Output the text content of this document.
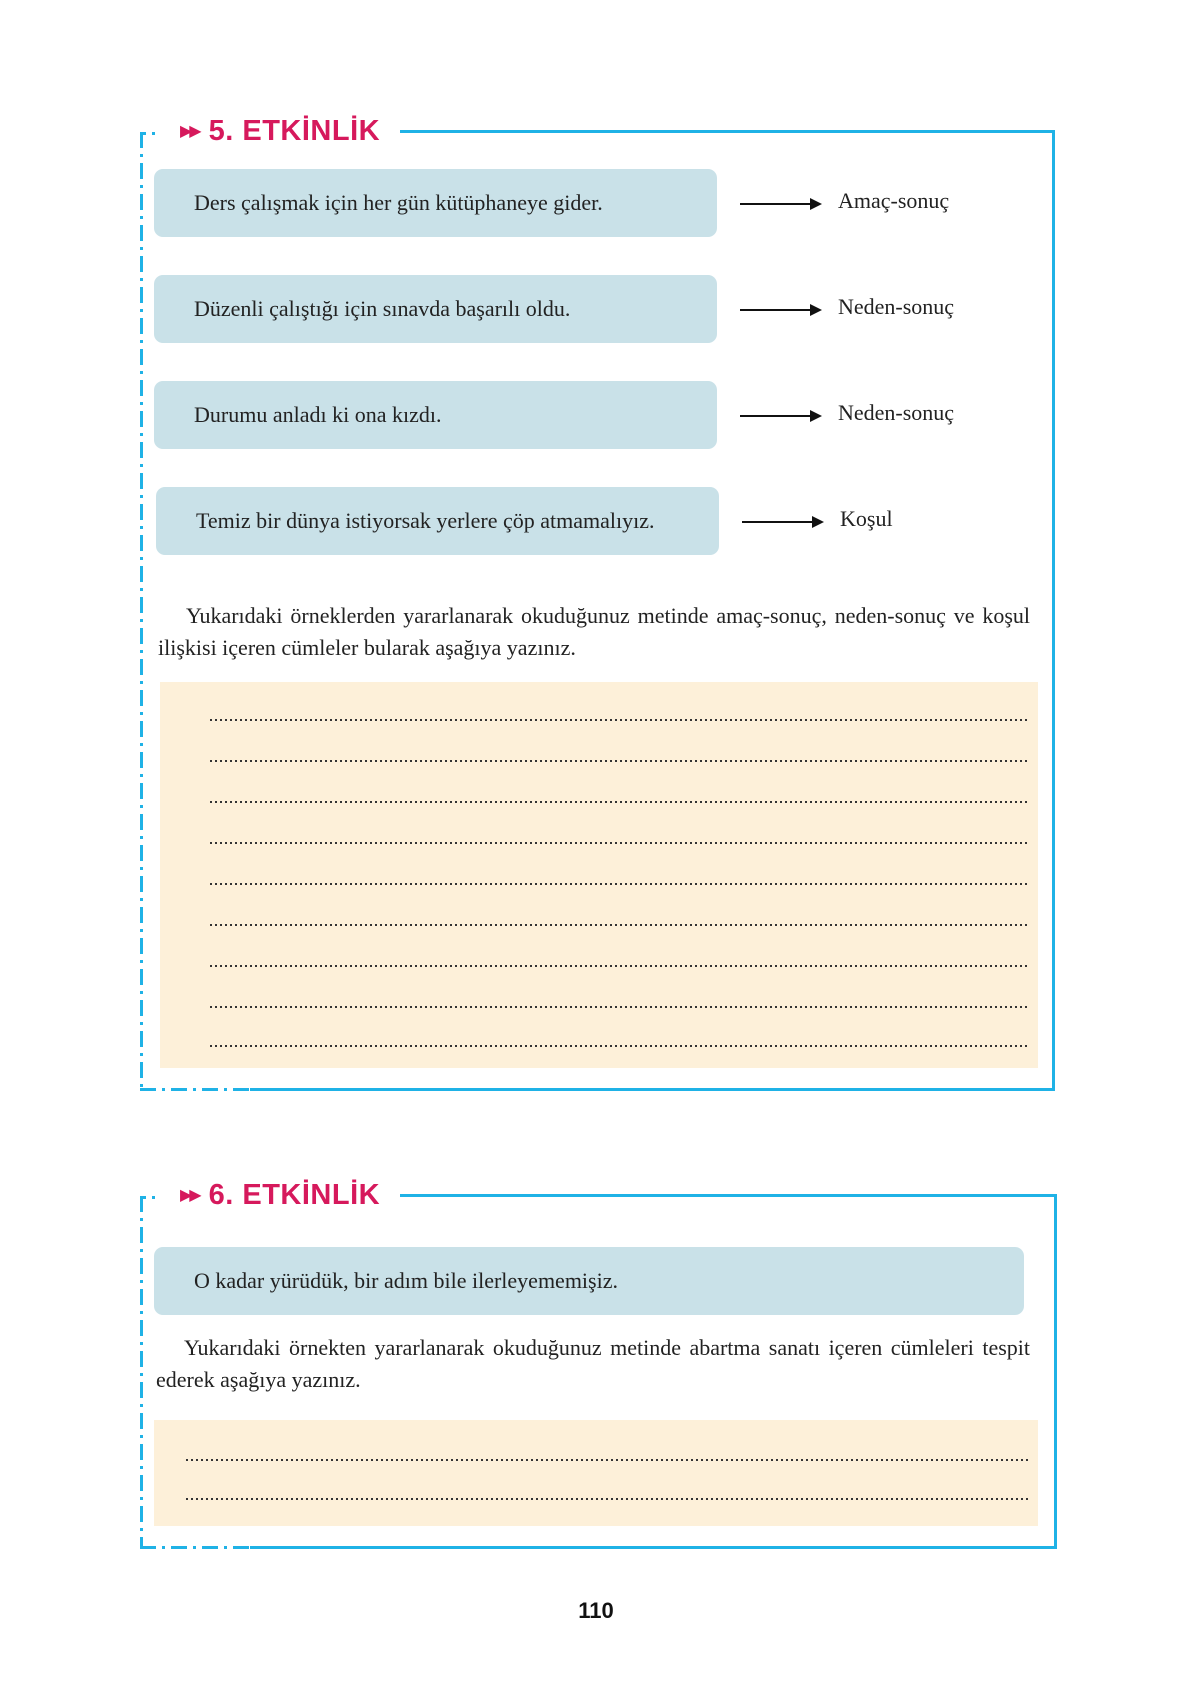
▶▶ 5. ETKİNLİK
Ders çalışmak için her gün kütüphaneye gider.	Amaç-sonuç
Düzenli çalıştığı için sınavda başarılı oldu.	Neden-sonuç
Durumu anladı ki ona kızdı.	Neden-sonuç
Temiz bir dünya istiyorsak yerlere çöp atmamalıyız.	Koşul
Yukarıdaki örneklerden yararlanarak okuduğunuz metinde amaç-sonuç, neden-sonuç ve koşul ilişkisi içeren cümleler bularak aşağıya yazınız.
▶▶ 6. ETKİNLİK
O kadar yürüdük, bir adım bile ilerleyememişiz.
Yukarıdaki örnekten yararlanarak okuduğunuz metinde abartma sanatı içeren cümleleri tespit ederek aşağıya yazınız.
110
